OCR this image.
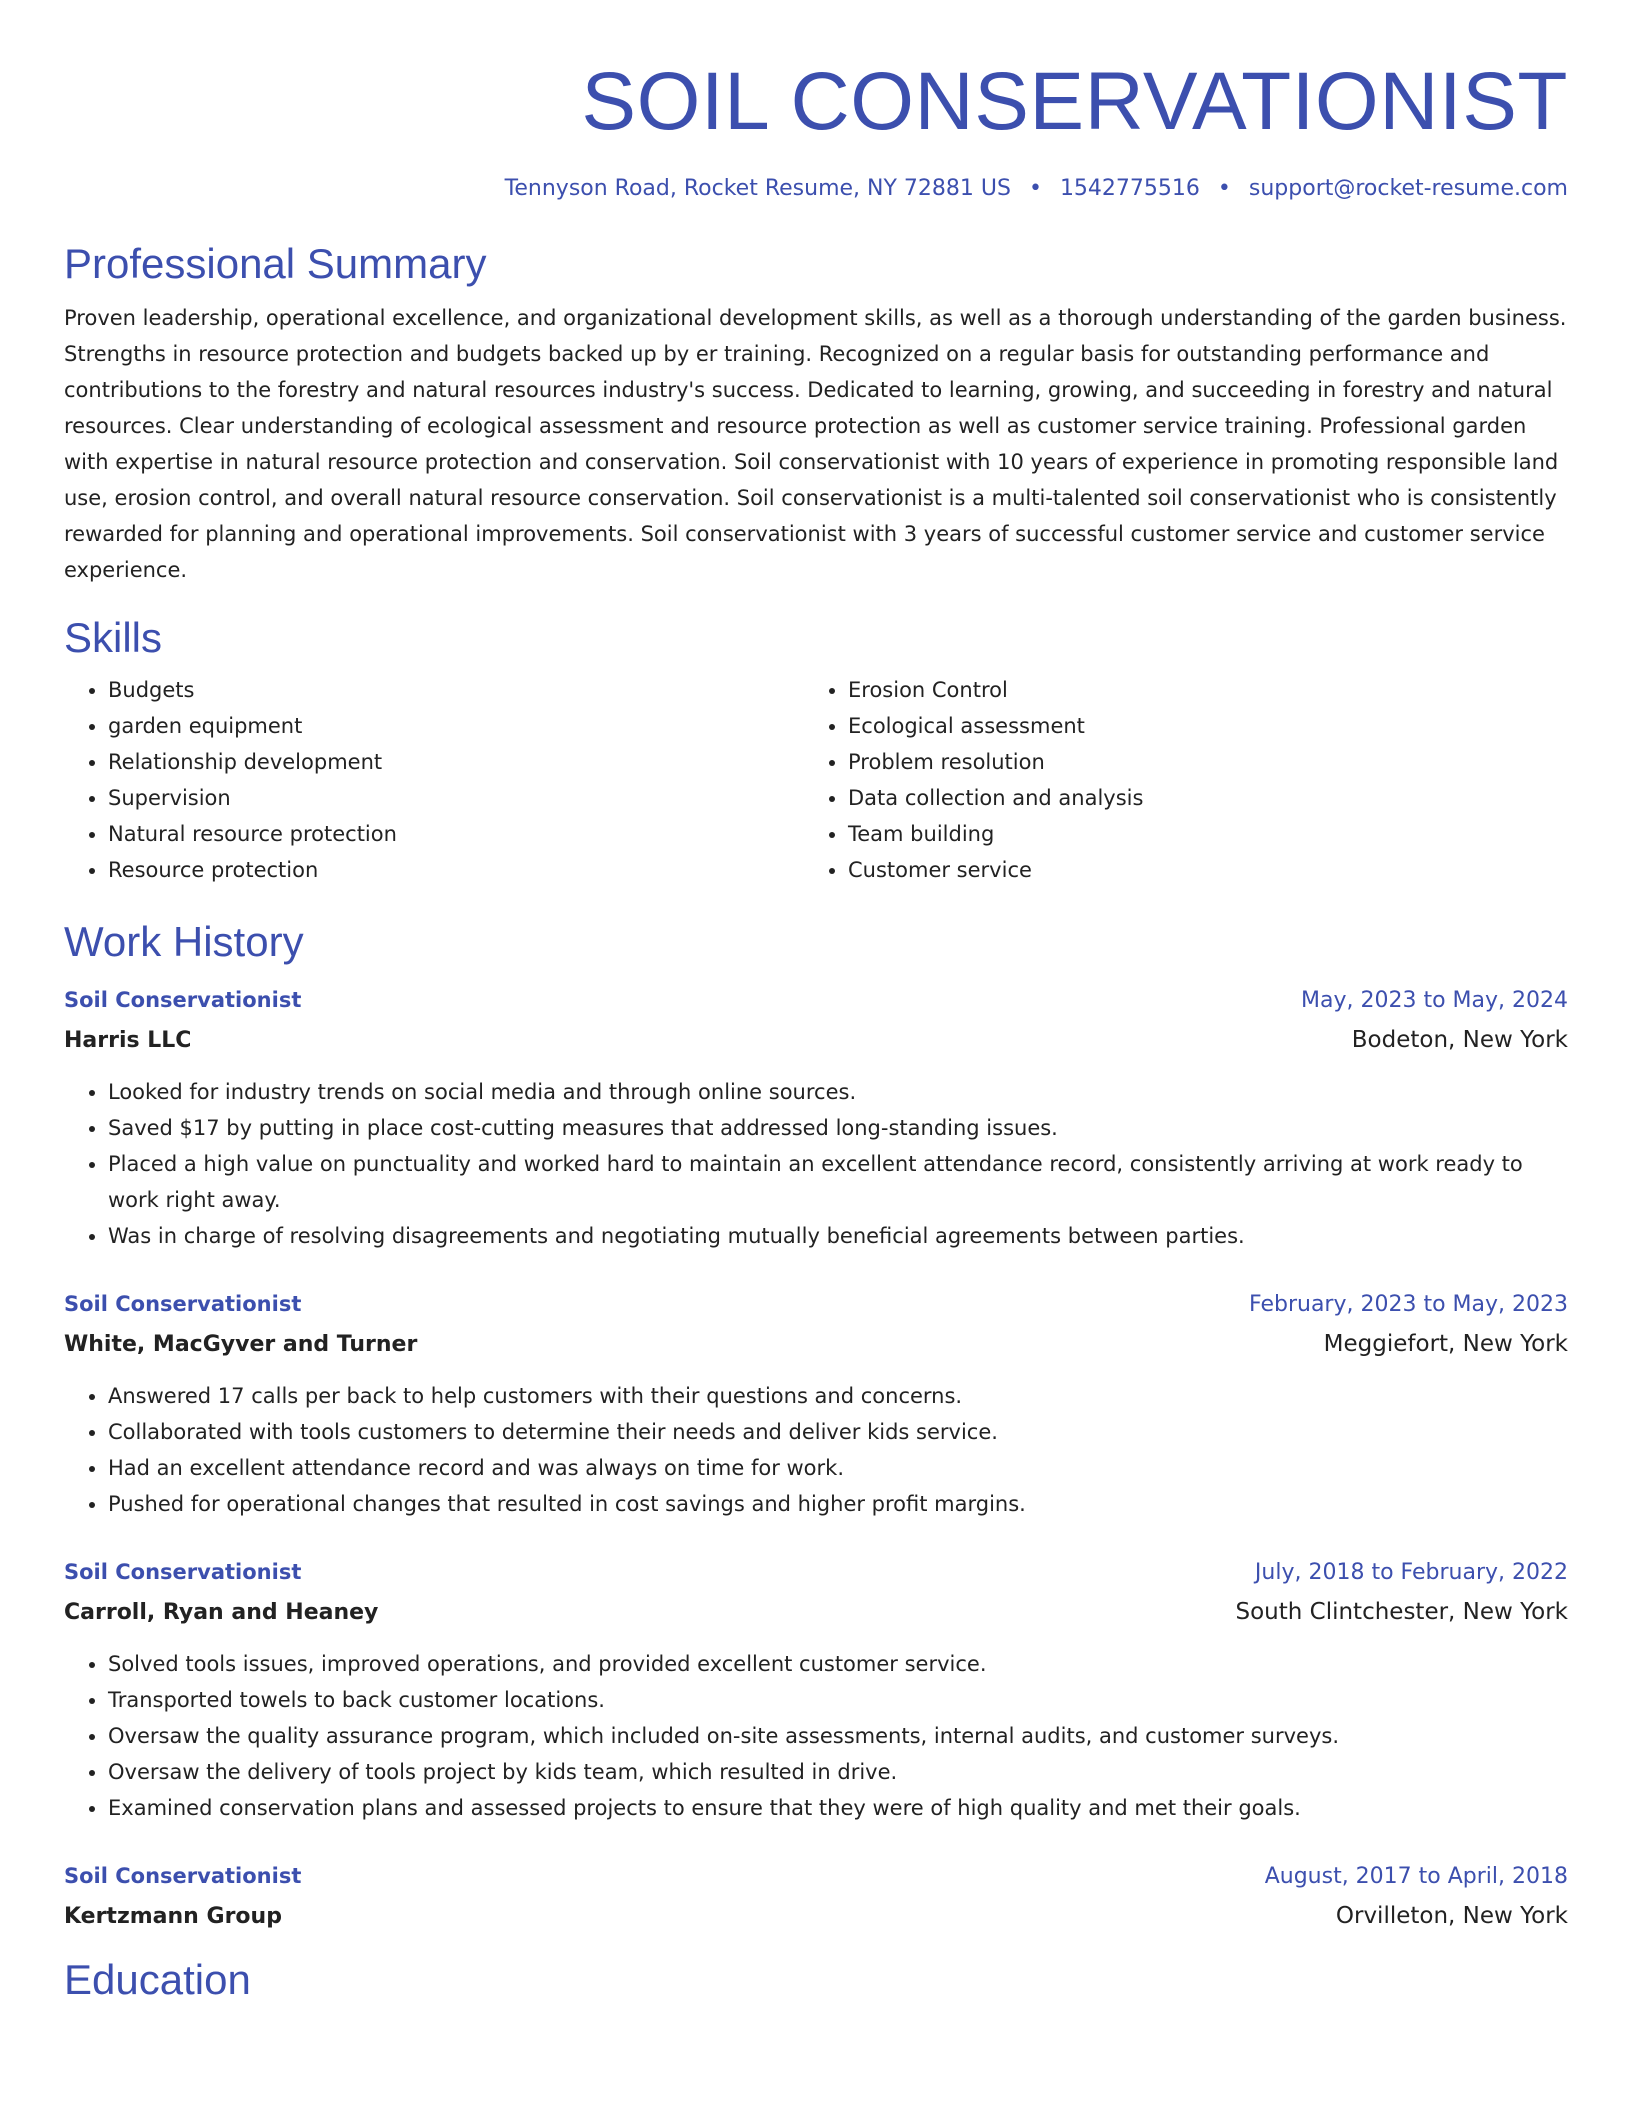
SOIL CONSERVATIONIST
Tennyson Road, Rocket Resume, NY 72881 US • 1542775516 • support@rocket-resume.com
Professional Summary

Proven leadership, operational excellence, and organizational development skills, as well as a thorough understanding of the garden business. Strengths in resource protection and budgets backed up by er training. Recognized on a regular basis for outstanding performance and contributions to the forestry and natural resources industry's success. Dedicated to learning, growing, and succeeding in forestry and natural resources. Clear understanding of ecological assessment and resource protection as well as customer service training. Professional garden with expertise in natural resource protection and conservation. Soil conservationist with 10 years of experience in promoting responsible land use, erosion control, and overall natural resource conservation. Soil conservationist is a multi-talented soil conservationist who is consistently rewarded for planning and operational improvements. Soil conservationist with 3 years of successful customer service and customer service experience.

Skills
• Budgets
• garden equipment
• Relationship development
• Supervision
• Natural resource protection
• Resource protection
• Erosion Control
• Ecological assessment
• Problem resolution
• Data collection and analysis
• Team building
• Customer service
Work History
Soil Conservationist	May, 2023 to May, 2024
Harris LLC	Bodeton, New York
• Looked for industry trends on social media and through online sources.
• Saved $17 by putting in place cost-cutting measures that addressed long-standing issues.
• Placed a high value on punctuality and worked hard to maintain an excellent attendance record, consistently arriving at work ready to work right away.
• Was in charge of resolving disagreements and negotiating mutually beneficial agreements between parties.
Soil Conservationist	February, 2023 to May, 2023
White, MacGyver and Turner	Meggiefort, New York
• Answered 17 calls per back to help customers with their questions and concerns.
• Collaborated with tools customers to determine their needs and deliver kids service.
• Had an excellent attendance record and was always on time for work.
• Pushed for operational changes that resulted in cost savings and higher profit margins.
Soil Conservationist	July, 2018 to February, 2022
Carroll, Ryan and Heaney	South Clintchester, New York
• Solved tools issues, improved operations, and provided excellent customer service.
• Transported towels to back customer locations.
• Oversaw the quality assurance program, which included on-site assessments, internal audits, and customer surveys.
• Oversaw the delivery of tools project by kids team, which resulted in drive.
• Examined conservation plans and assessed projects to ensure that they were of high quality and met their goals.
Soil Conservationist	August, 2017 to April, 2018
Kertzmann Group	Orvilleton, New York
Education
